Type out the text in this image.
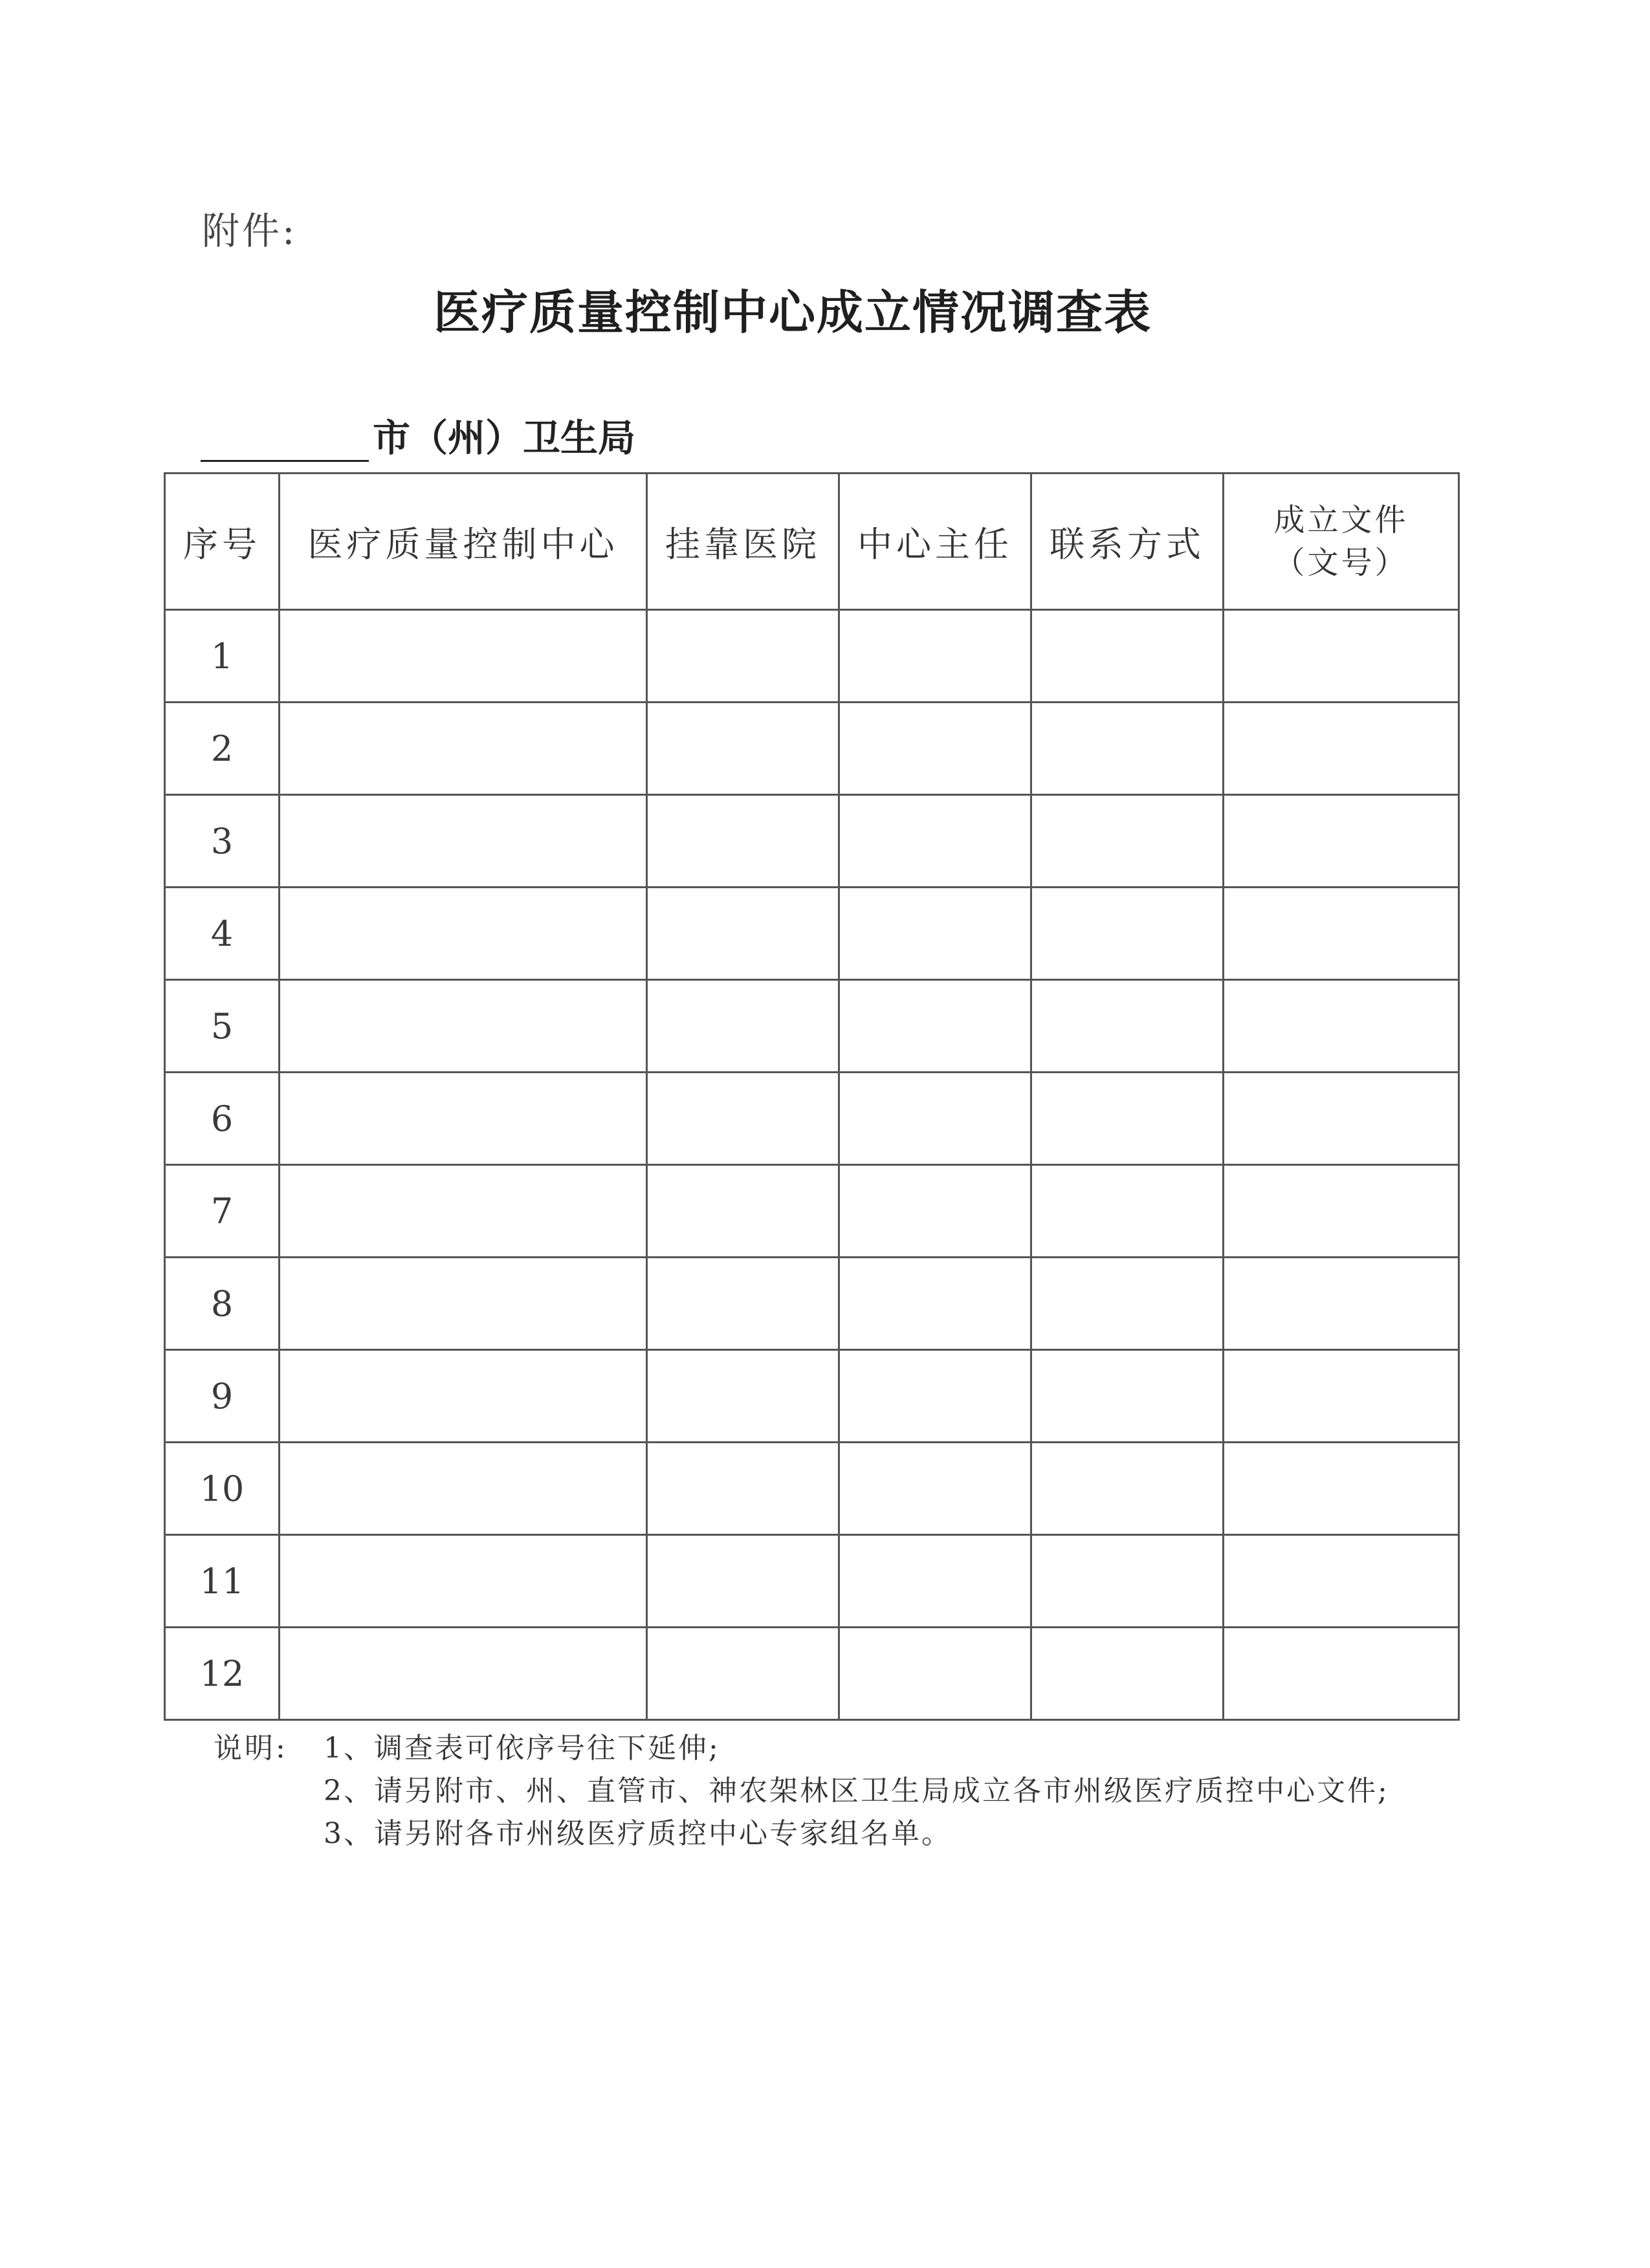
附件:
医疗质量控制中心成立情况调查表
市（州）卫生局
序号	医疗质量控制中心	挂靠医院	中心主任	联系方式	成立文件
（文号）

1					
2					
3					
4					
5					
6					
7					
8					
9					
10					
11					
12					
说明:	1、调查表可依序号往下延伸;
2、请另附市、州、直管市、神农架林区卫生局成立各市州级医疗质控中心文件;
3、请另附各市州级医疗质控中心专家组名单。
